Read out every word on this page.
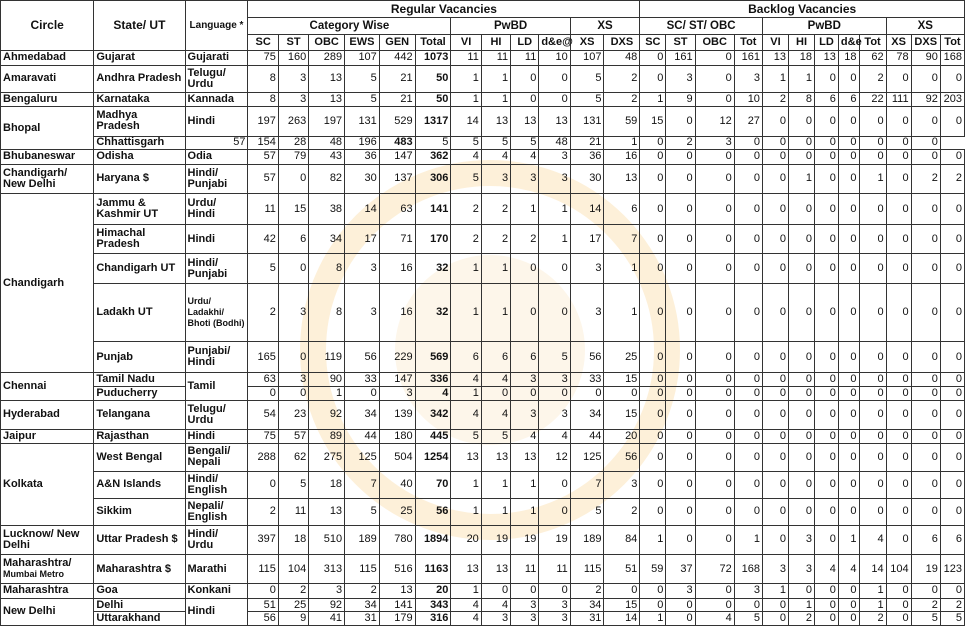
Circle	State/ UT	Language *	Regular Vacancies												Backlog Vacancies											
			Category Wise						PwBD				XS		SC/ ST/ OBC				PwBD					XS		
			SC	ST	OBC	EWS	GEN	Total	VI	HI	LD	d&e@	XS	DXS	SC	ST	OBC	Tot	VI	HI	LD	d&e	Tot	XS	DXS	Tot
Ahmedabad	Gujarat	Gujarati	75	160	289	107	442	1073	11	11	11	10	107	48	0	161	0	161	13	18	13	18	62	78	90	168
Amaravati	Andhra Pradesh	Telugu/ Urdu	8	3	13	5	21	50	1	1	0	0	5	2	0	3	0	3	1	1	0	0	2	0	0	0
Bengaluru	Karnataka	Kannada	8	3	13	5	21	50	1	1	0	0	5	2	1	9	0	10	2	8	6	6	22	111	92	203
Bhopal	Madhya Pradesh	Hindi	197	263	197	131	529	1317	14	13	13	13	131	59	15	0	12	27	0	0	0	0	0	0	0	0
	Chhattisgarh	57	154	28	48	196	483	5	5	5	5	48	21	1	0	2	3	0	0	0	0	0	0	0	0	
Bhubaneswar	Odisha	Odia	57	79	43	36	147	362	4	4	4	3	36	16	0	0	0	0	0	0	0	0	0	0	0	0
Chandigarh/ New Delhi	Haryana $	Hindi/ Punjabi	57	0	82	30	137	306	5	3	3	3	30	13	0	0	0	0	0	1	0	0	1	0	2	2
Chandigarh	Jammu & Kashmir UT	Urdu/ Hindi	11	15	38	14	63	141	2	2	1	1	14	6	0	0	0	0	0	0	0	0	0	0	0	0
	Himachal Pradesh	Hindi	42	6	34	17	71	170	2	2	2	1	17	7	0	0	0	0	0	0	0	0	0	0	0	0
	Chandigarh UT	Hindi/ Punjabi	5	0	8	3	16	32	1	1	0	0	3	1	0	0	0	0	0	0	0	0	0	0	0	0
	Ladakh UT	Urdu/ Ladakhi/ Bhoti (Bodhi)	2	3	8	3	16	32	1	1	0	0	3	1	0	0	0	0	0	0	0	0	0	0	0	0
	Punjab	Punjabi/ Hindi	165	0	119	56	229	569	6	6	6	5	56	25	0	0	0	0	0	0	0	0	0	0	0	0
Chennai	Tamil Nadu	Tamil	63	3	90	33	147	336	4	4	3	3	33	15	0	0	0	0	0	0	0	0	0	0	0	0
	Puducherry		0	0	1	0	3	4	1	0	0	0	0	0	0	0	0	0	0	0	0	0	0	0	0	0
Hyderabad	Telangana	Telugu/ Urdu	54	23	92	34	139	342	4	4	3	3	34	15	0	0	0	0	0	0	0	0	0	0	0	0
Jaipur	Rajasthan	Hindi	75	57	89	44	180	445	5	5	4	4	44	20	0	0	0	0	0	0	0	0	0	0	0	0
Kolkata	West Bengal	Bengali/ Nepali	288	62	275	125	504	1254	13	13	13	12	125	56	0	0	0	0	0	0	0	0	0	0	0	0
	A&N Islands	Hindi/ English	0	5	18	7	40	70	1	1	1	0	7	3	0	0	0	0	0	0	0	0	0	0	0	0
	Sikkim	Nepali/ English	2	11	13	5	25	56	1	1	1	0	5	2	0	0	0	0	0	0	0	0	0	0	0	0
Lucknow/ New Delhi	Uttar Pradesh $	Hindi/ Urdu	397	18	510	189	780	1894	20	19	19	19	189	84	1	0	0	1	0	3	0	1	4	0	6	6
Maharashtra/
Mumbai Metro	Maharashtra $	Marathi	115	104	313	115	516	1163	13	13	11	11	115	51	59	37	72	168	3	3	4	4	14	104	19	123
Maharashtra	Goa	Konkani	0	2	3	2	13	20	1	0	0	0	2	0	0	3	0	3	1	0	0	0	1	0	0	0
New Delhi	Delhi	Hindi	51	25	92	34	141	343	4	4	3	3	34	15	0	0	0	0	0	1	0	0	1	0	2	2
	Uttarakhand		56	9	41	31	179	316	4	3	3	3	31	14	1	0	4	5	0	2	0	0	2	0	5	5
